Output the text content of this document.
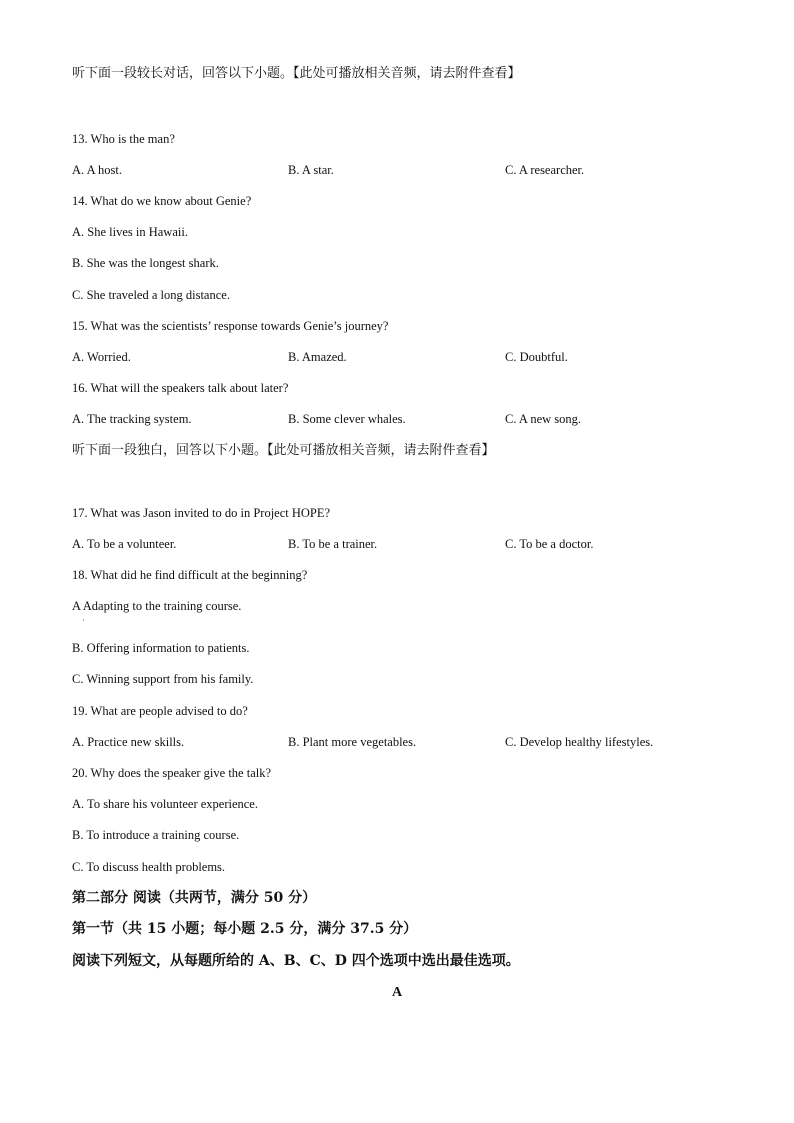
听下面一段较长对话，回答以下小题。【此处可播放相关音频，请去附件查看】
13. Who is the man?
A. A host.	B. A star.	C. A researcher.
14. What do we know about Genie?
A. She lives in Hawaii.
B. She was the longest shark.
C. She traveled a long distance.
15. What was the scientists’ response towards Genie’s journey?
A. Worried.	B. Amazed.	C. Doubtful.
16. What will the speakers talk about later?
A. The tracking system.	B. Some clever whales.	C. A new song.
听下面一段独白，回答以下小题。【此处可播放相关音频，请去附件查看】
17. What was Jason invited to do in Project HOPE?
A. To be a volunteer.	B. To be a trainer.	C. To be a doctor.
18. What did he find difficult at the beginning?
A Adapting to the training course.
·
B. Offering information to patients.
C. Winning support from his family.
19. What are people advised to do?
A. Practice new skills.	B. Plant more vegetables.	C. Develop healthy lifestyles.
20. Why does the speaker give the talk?
A. To share his volunteer experience.
B. To introduce a training course.
C. To discuss health problems.
第二部分 阅读（共两节，满分 50 分）
第一节（共 15 小题；每小题 2.5 分，满分 37.5 分）
阅读下列短文，从每题所给的 A、B、C、D 四个选项中选出最佳选项。
A
